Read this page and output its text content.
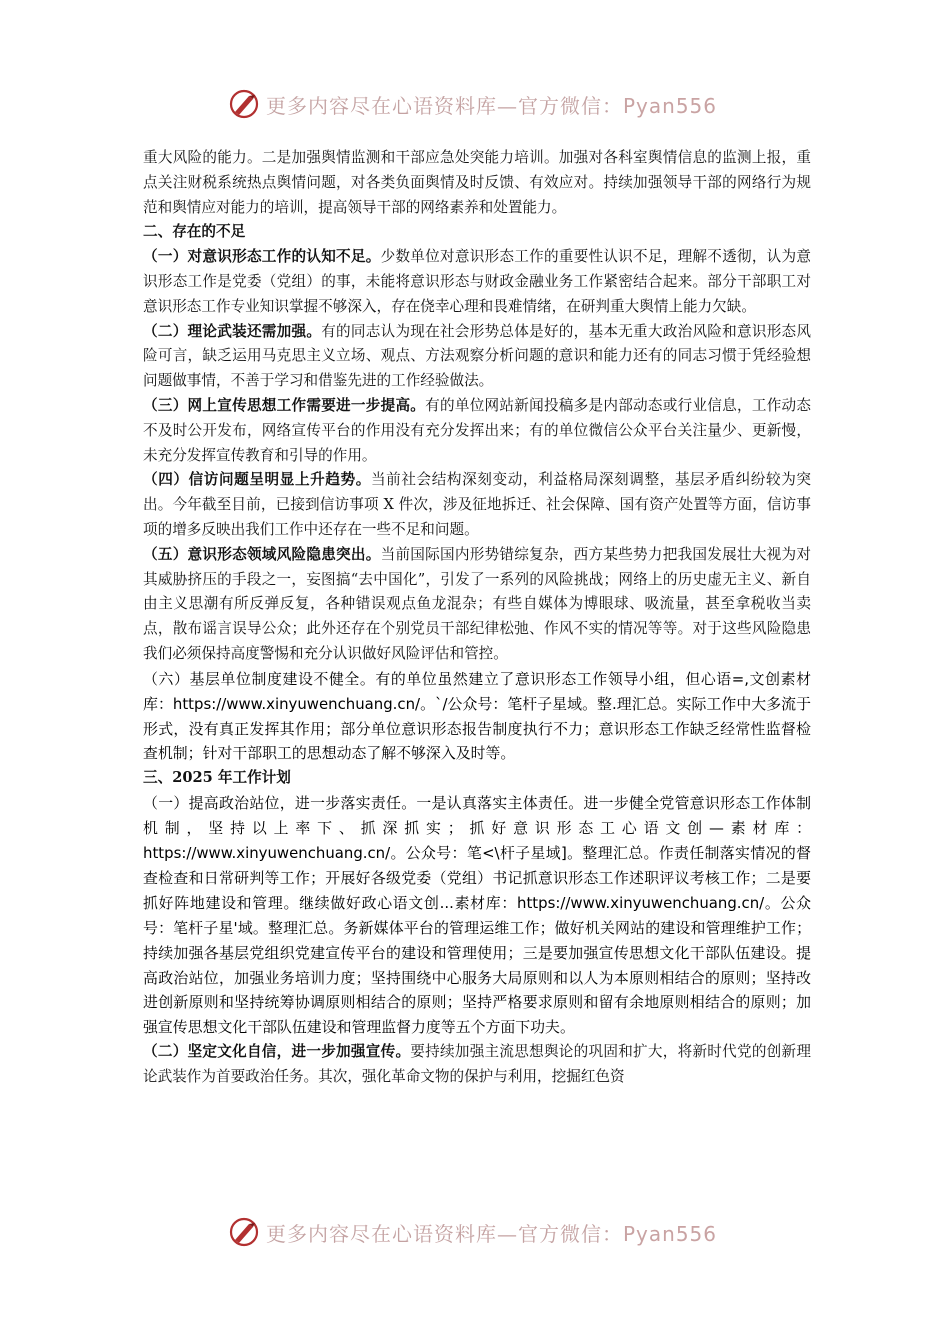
更多内容尽在心语资料库—官方微信：Pyan556

重大风险的能力。二是加强舆情监测和干部应急处突能力培训。加强对各科室舆情信息的监测上报，重点关注财税系统热点舆情问题，对各类负面舆情及时反馈、有效应对。持续加强领导干部的网络行为规范和舆情应对能力的培训，提高领导干部的网络素养和处置能力。

二、存在的不足

（一）对意识形态工作的认知不足。少数单位对意识形态工作的重要性认识不足，理解不透彻，认为意识形态工作是党委（党组）的事，未能将意识形态与财政金融业务工作紧密结合起来。部分干部职工对意识形态工作专业知识掌握不够深入，存在侥幸心理和畏难情绪，在研判重大舆情上能力欠缺。

（二）理论武装还需加强。有的同志认为现在社会形势总体是好的，基本无重大政治风险和意识形态风险可言，缺乏运用马克思主义立场、观点、方法观察分析问题的意识和能力还有的同志习惯于凭经验想问题做事情，不善于学习和借鉴先进的工作经验做法。

（三）网上宣传思想工作需要进一步提高。有的单位网站新闻投稿多是内部动态或行业信息，工作动态不及时公开发布，网络宣传平台的作用没有充分发挥出来；有的单位微信公众平台关注量少、更新慢，未充分发挥宣传教育和引导的作用。

（四）信访问题呈明显上升趋势。当前社会结构深刻变动，利益格局深刻调整，基层矛盾纠纷较为突出。今年截至目前，已接到信访事项 X 件次，涉及征地拆迁、社会保障、国有资产处置等方面，信访事项的增多反映出我们工作中还存在一些不足和问题。

（五）意识形态领域风险隐患突出。当前国际国内形势错综复杂，西方某些势力把我国发展壮大视为对其威胁挤压的手段之一，妄图搞“去中国化”，引发了一系列的风险挑战；网络上的历史虚无主义、新自由主义思潮有所反弹反复，各种错误观点鱼龙混杂；有些自媒体为博眼球、吸流量，甚至拿税收当卖点，散布谣言误导公众；此外还存在个别党员干部纪律松弛、作风不实的情况等等。对于这些风险隐患我们必须保持高度警惕和充分认识做好风险评估和管控。

（六）基层单位制度建设不健全。有的单位虽然建立了意识形态工作领导小组，但心语=,文创素材库：https://www.xinyuwenchuang.cn/。`/公众号：笔杆子星域。整.理汇总。实际工作中大多流于形式，没有真正发挥其作用；部分单位意识形态报告制度执行不力；意识形态工作缺乏经常性监督检查机制；针对干部职工的思想动态了解不够深入及时等。

三、2025 年工作计划

（一）提高政治站位，进一步落实责任。一是认真落实主体责任。进一步健全党管意识形态工作体制机制，坚持以上率下、抓深抓实；抓好意识形态工心语文创—素材库：https://www.xinyuwenchuang.cn/。公众号：笔<\杆子星域]。整理汇总。作责任制落实情况的督查检查和日常研判等工作；开展好各级党委（党组）书记抓意识形态工作述职评议考核工作；二是要抓好阵地建设和管理。继续做好政心语文创...素材库：https://www.xinyuwenchuang.cn/。公众号：笔杆子星'域。整理汇总。务新媒体平台的管理运维工作；做好机关网站的建设和管理维护工作；持续加强各基层党组织党建宣传平台的建设和管理使用；三是要加强宣传思想文化干部队伍建设。提高政治站位，加强业务培训力度；坚持围绕中心服务大局原则和以人为本原则相结合的原则；坚持改进创新原则和坚持统筹协调原则相结合的原则；坚持严格要求原则和留有余地原则相结合的原则；加强宣传思想文化干部队伍建设和管理监督力度等五个方面下功夫。

（二）坚定文化自信，进一步加强宣传。要持续加强主流思想舆论的巩固和扩大，将新时代党的创新理论武装作为首要政治任务。其次，强化革命文物的保护与利用，挖掘红色资

更多内容尽在心语资料库—官方微信：Pyan556
